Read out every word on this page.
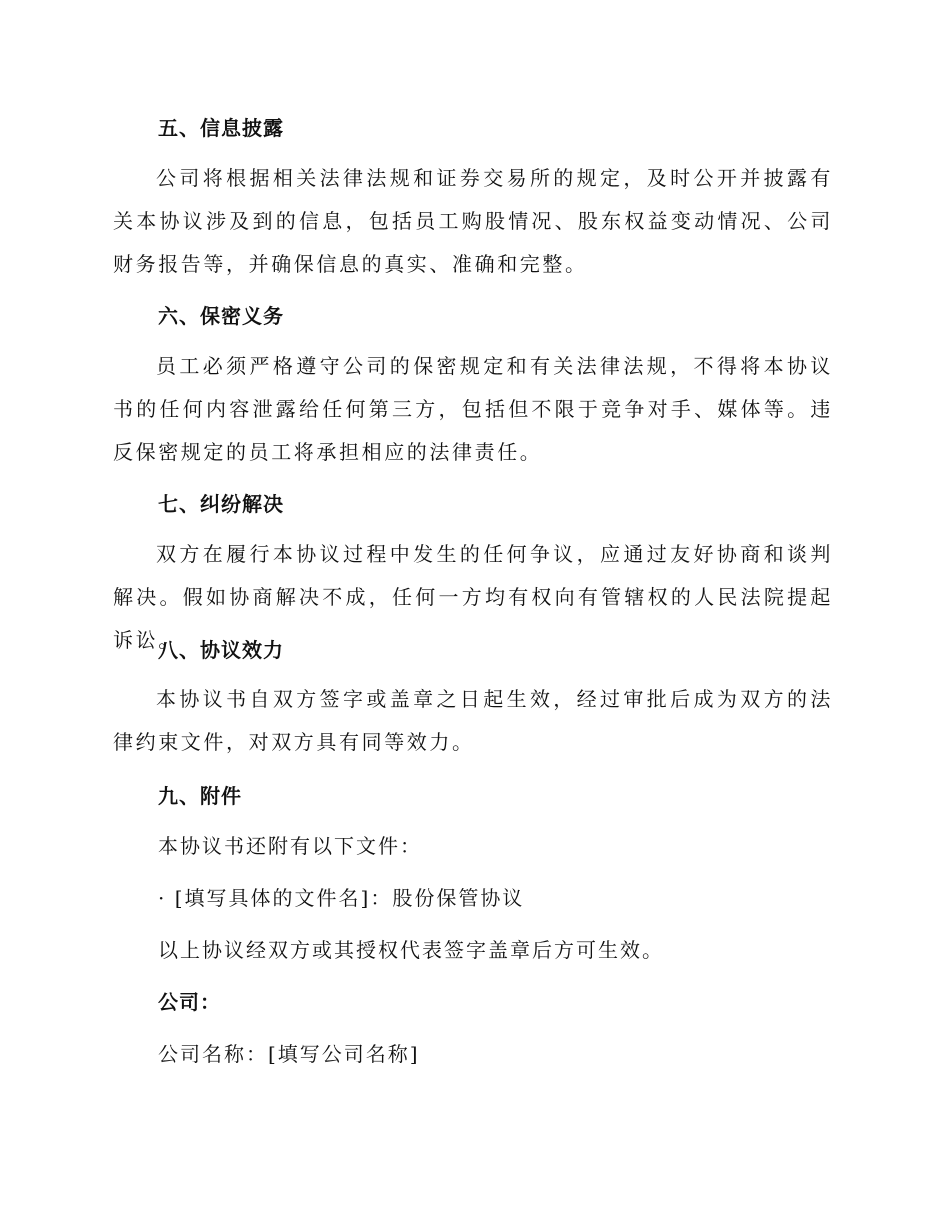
五、信息披露
公司将根据相关法律法规和证券交易所的规定，及时公开并披露有关本协议涉及到的信息，包括员工购股情况、股东权益变动情况、公司财务报告等，并确保信息的真实、准确和完整。
六、保密义务
员工必须严格遵守公司的保密规定和有关法律法规，不得将本协议书的任何内容泄露给任何第三方，包括但不限于竞争对手、媒体等。违反保密规定的员工将承担相应的法律责任。
七、纠纷解决
双方在履行本协议过程中发生的任何争议，应通过友好协商和谈判解决。假如协商解决不成，任何一方均有权向有管辖权的人民法院提起诉讼。
八、协议效力
本协议书自双方签字或盖章之日起生效，经过审批后成为双方的法律约束文件，对双方具有同等效力。
九、附件
本协议书还附有以下文件：
· [填写具体的文件名]：股份保管协议
以上协议经双方或其授权代表签字盖章后方可生效。
公司：
公司名称：[填写公司名称]
